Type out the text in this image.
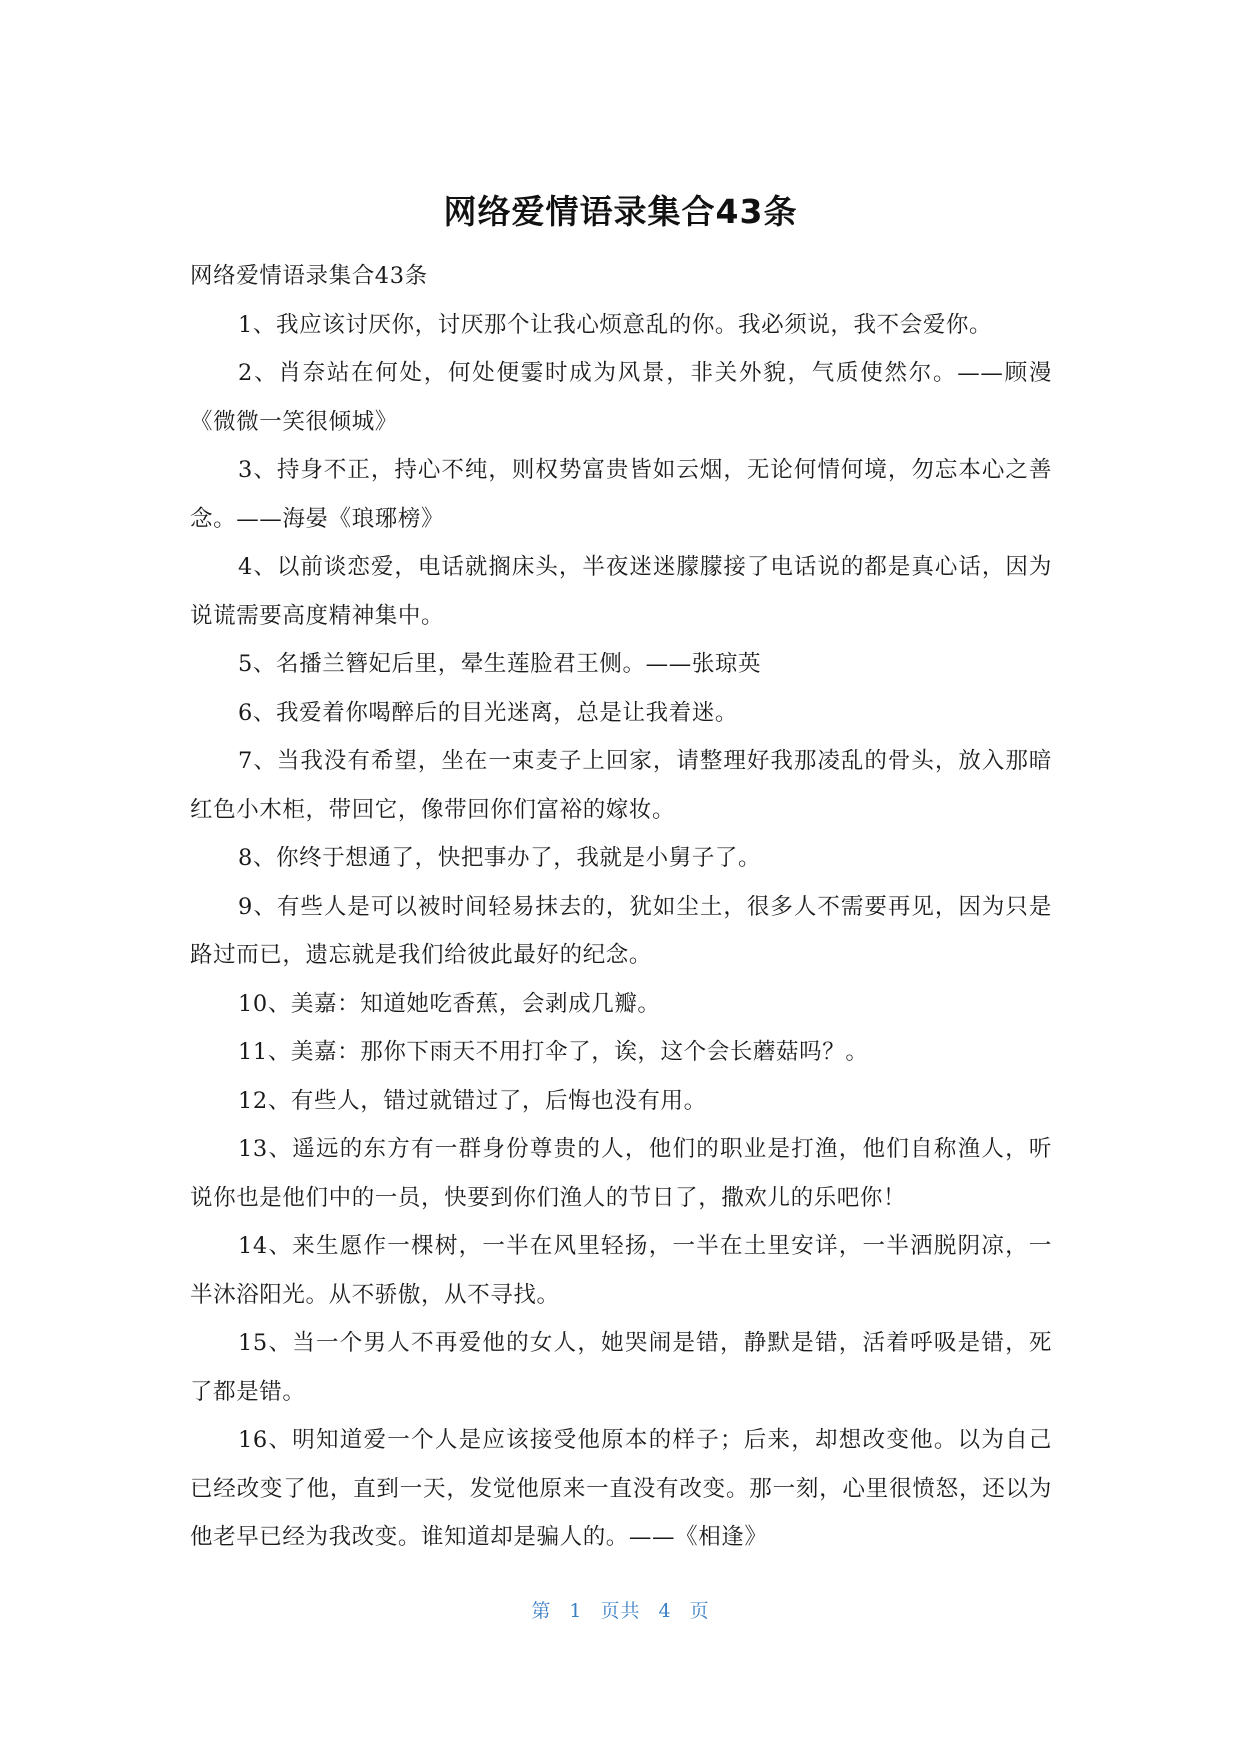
网络爱情语录集合43条

网络爱情语录集合43条

1、我应该讨厌你，讨厌那个让我心烦意乱的你。我必须说，我不会爱你。

2、肖奈站在何处，何处便霎时成为风景，非关外貌，气质使然尔。——顾漫《微微一笑很倾城》

3、持身不正，持心不纯，则权势富贵皆如云烟，无论何情何境，勿忘本心之善念。——海晏《琅琊榜》

4、以前谈恋爱，电话就搁床头，半夜迷迷朦朦接了电话说的都是真心话，因为说谎需要高度精神集中。

5、名播兰簪妃后里，晕生莲脸君王侧。——张琼英

6、我爱着你喝醉后的目光迷离，总是让我着迷。

7、当我没有希望，坐在一束麦子上回家，请整理好我那凌乱的骨头，放入那暗红色小木柜，带回它，像带回你们富裕的嫁妆。

8、你终于想通了，快把事办了，我就是小舅子了。

9、有些人是可以被时间轻易抹去的，犹如尘土，很多人不需要再见，因为只是路过而已，遗忘就是我们给彼此最好的纪念。

10、美嘉：知道她吃香蕉，会剥成几瓣。

11、美嘉：那你下雨天不用打伞了，诶，这个会长蘑菇吗？。

12、有些人，错过就错过了，后悔也没有用。

13、遥远的东方有一群身份尊贵的人，他们的职业是打渔，他们自称渔人，听说你也是他们中的一员，快要到你们渔人的节日了，撒欢儿的乐吧你！

14、来生愿作一棵树，一半在风里轻扬，一半在土里安详，一半洒脱阴凉，一半沐浴阳光。从不骄傲，从不寻找。

15、当一个男人不再爱他的女人，她哭闹是错，静默是错，活着呼吸是错，死了都是错。

16、明知道爱一个人是应该接受他原本的样子；后来，却想改变他。以为自己已经改变了他，直到一天，发觉他原来一直没有改变。那一刻，心里很愤怒，还以为他老早已经为我改变。谁知道却是骗人的。——《相逢》

第 1 页共 4 页
